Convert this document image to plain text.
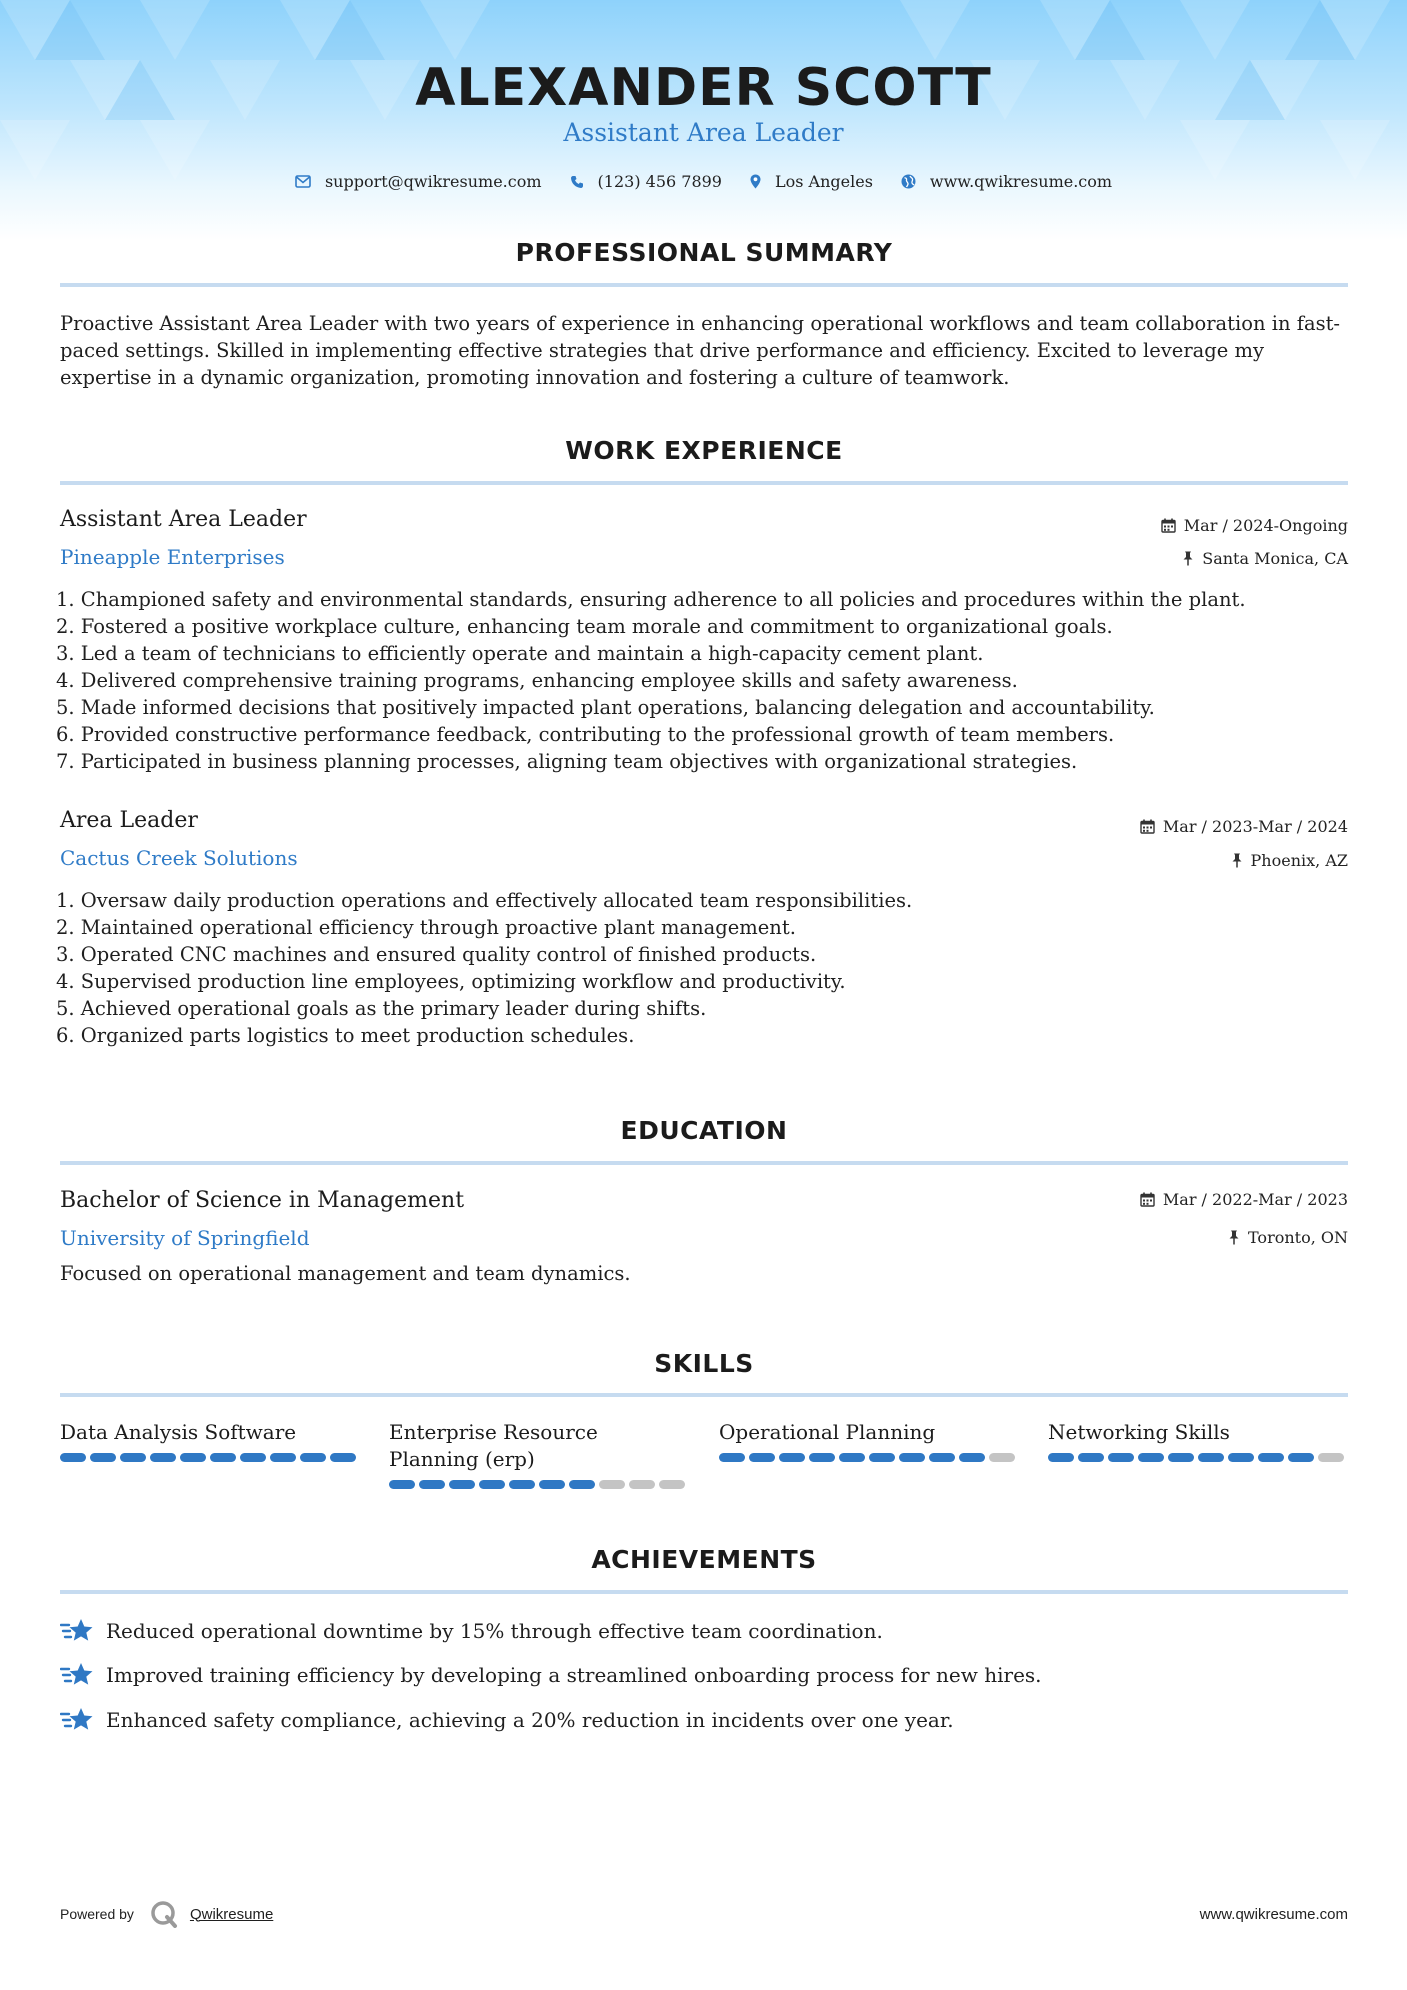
ALEXANDER SCOTT
Assistant Area Leader
support@qwikresume.com	(123) 456 7899	Los Angeles	www.qwikresume.com
PROFESSIONAL SUMMARY
Proactive Assistant Area Leader with two years of experience in enhancing operational workflows and team collaboration in fast-paced settings. Skilled in implementing effective strategies that drive performance and efficiency. Excited to leverage my expertise in a dynamic organization, promoting innovation and fostering a culture of teamwork.
WORK EXPERIENCE
Assistant Area Leader	Mar / 2024-Ongoing
Pineapple Enterprises	Santa Monica, CA
1. Championed safety and environmental standards, ensuring adherence to all policies and procedures within the plant.
2. Fostered a positive workplace culture, enhancing team morale and commitment to organizational goals.
3. Led a team of technicians to efficiently operate and maintain a high-capacity cement plant.
4. Delivered comprehensive training programs, enhancing employee skills and safety awareness.
5. Made informed decisions that positively impacted plant operations, balancing delegation and accountability.
6. Provided constructive performance feedback, contributing to the professional growth of team members.
7. Participated in business planning processes, aligning team objectives with organizational strategies.
Area Leader	Mar / 2023-Mar / 2024
Cactus Creek Solutions	Phoenix, AZ
1. Oversaw daily production operations and effectively allocated team responsibilities.
2. Maintained operational efficiency through proactive plant management.
3. Operated CNC machines and ensured quality control of finished products.
4. Supervised production line employees, optimizing workflow and productivity.
5. Achieved operational goals as the primary leader during shifts.
6. Organized parts logistics to meet production schedules.
EDUCATION
Bachelor of Science in Management	Mar / 2022-Mar / 2023
University of Springfield	Toronto, ON
Focused on operational management and team dynamics.
SKILLS
Data Analysis Software	Enterprise Resource Planning (erp)
Operational Planning	Networking Skills
ACHIEVEMENTS
Reduced operational downtime by 15% through effective team coordination.
Improved training efficiency by developing a streamlined onboarding process for new hires.
Enhanced safety compliance, achieving a 20% reduction in incidents over one year.
Powered by	Qwikresume	www.qwikresume.com
